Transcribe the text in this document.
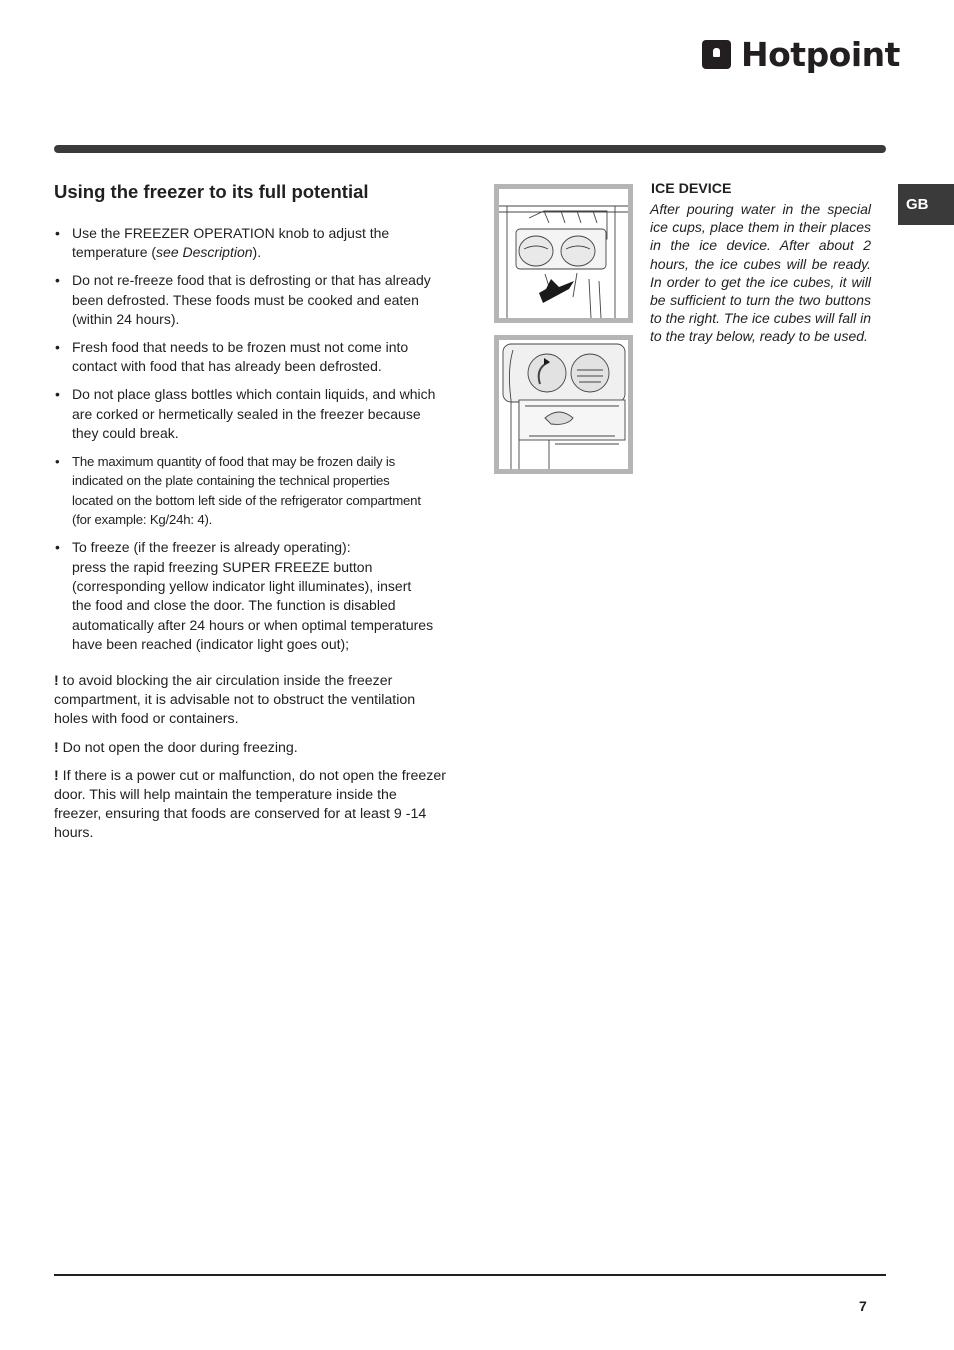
Hotpoint
GB
Using the freezer to its full potential
• Use the FREEZER OPERATION knob to adjust the
temperature (see Description).
• Do not re-freeze food that is defrosting or that has already
been defrosted. These foods must be cooked and eaten
(within 24 hours).
• Fresh food that needs to be frozen must not come into
contact with food that has already been defrosted.
• Do not place glass bottles which contain liquids, and which
are corked or hermetically sealed in the freezer because
they could break.
• The maximum quantity of food that may be frozen daily is
indicated on the plate containing the technical properties
located on the bottom left side of the refrigerator compartment
(for example: Kg/24h: 4).
• To freeze (if the freezer is already operating):
press the rapid freezing SUPER FREEZE button
(corresponding yellow indicator light illuminates), insert
the food and close the door. The function is disabled
automatically after 24 hours or when optimal temperatures
have been reached (indicator light goes out);

! to avoid blocking the air circulation inside the freezer compartment, it is advisable not to obstruct the ventilation holes with food or containers.

! Do not open the door during freezing.

! If there is a power cut or malfunction, do not open the freezer door. This will help maintain the temperature inside the freezer, ensuring that foods are conserved for at least 9 -14 hours.

ICE DEVICE

After pouring water in the special ice cups, place them in their places in the ice device. After about 2 hours, the ice cubes will be ready. In order to get the ice cubes, it will be sufficient to turn the two buttons to the right. The ice cubes will fall in to the tray below, ready to be used.

7
